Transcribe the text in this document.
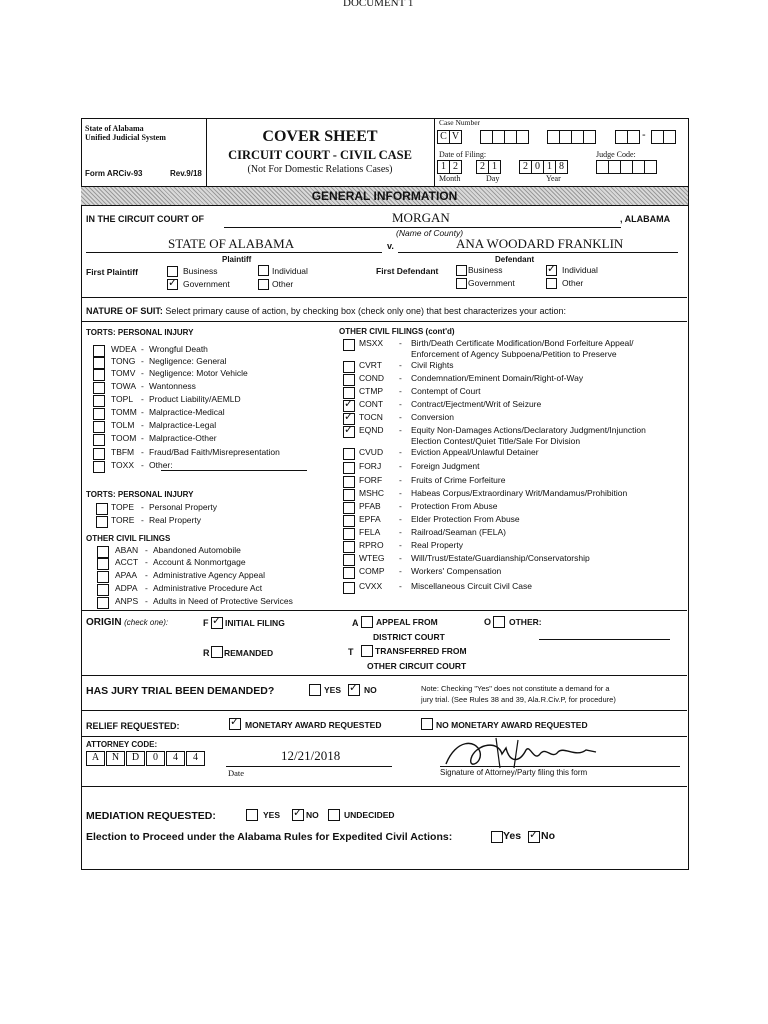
DOCUMENT 1
State of Alabama
Unified Judicial System
Form ARCiv-93	Rev.9/18
COVER SHEET
CIRCUIT COURT - CIVIL CASE
(Not For Domestic Relations Cases)
Case Number
C V	-
Date of Filing:	Judge Code:
1 2	2 1	2 0 1 8
Month	Day	Year
GENERAL INFORMATION
IN THE CIRCUIT COURT OF	MORGAN	, ALABAMA
(Name of County)
STATE OF ALABAMA	v.	ANA WOODARD FRANKLIN
Plaintiff	Defendant
First Plaintiff	Business	Individual
✓
Government	Other
First Defendant	Business ✓	Individual
Government	Other
NATURE OF SUIT: Select primary cause of action, by checking box (check only one) that best characterizes your action:
TORTS: PERSONAL INJURY
TORTS: PERSONAL INJURY
OTHER CIVIL FILINGS
OTHER CIVIL FILINGS (cont'd)
ORIGIN (check one):	F ✓ INITIAL FILING	A APPEAL FROM
DISTRICT COURT
O OTHER:
R REMANDED	T	TRANSFERRED FROM
OTHER CIRCUIT COURT
HAS JURY TRIAL BEEN DEMANDED?	YES ✓	NO	Note: Checking "Yes" does not constitute a demand for a
jury trial. (See Rules 38 and 39, Ala.R.Civ.P, for procedure)
RELIEF REQUESTED: ✓	MONETARY AWARD REQUESTED	NO MONETARY AWARD REQUESTED
ATTORNEY CODE:
12/21/2018
Date	Signature of Attorney/Party filing this form
MEDIATION REQUESTED:	YES ✓	NO	UNDECIDED
Election to Proceed under the Alabama Rules for Expedited Civil Actions:	Yes ✓ No
WDEA - Wrongful Death
TONG - Negligence: General
TOMV - Negligence: Motor Vehicle
TOWA - Wantonness
TOPL - Product Liability/AEMLD
TOMM - Malpractice-Medical
TOLM - Malpractice-Legal
TOOM - Malpractice-Other
TBFM - Fraud/Bad Faith/Misrepresentation
TOXX - Other:
TOPE - Personal Property
TORE - Real Property
ABAN - Abandoned Automobile
ACCT - Account & Nonmortgage
APAA - Administrative Agency Appeal
ADPA - Administrative Procedure Act
ANPS - Adults in Need of Protective Services
MSXX - Birth/Death Certificate Modification/Bond Forfeiture Appeal/
Enforcement of Agency Subpoena/Petition to Preserve
CVRT - Civil Rights
COND - Condemnation/Eminent Domain/Right-of-Way
CTMP - Contempt of Court
✓
CONT - Contract/Ejectment/Writ of Seizure
✓
TOCN - Conversion
✓
EQND - Equity Non-Damages Actions/Declaratory Judgment/Injunction
Election Contest/Quiet Title/Sale For Division
CVUD - Eviction Appeal/Unlawful Detainer
FORJ - Foreign Judgment
FORF - Fruits of Crime Forfeiture
MSHC - Habeas Corpus/Extraordinary Writ/Mandamus/Prohibition
PFAB - Protection From Abuse
EPFA - Elder Protection From Abuse
FELA - Railroad/Seaman (FELA)
RPRO - Real Property
WTEG - Will/Trust/Estate/Guardianship/Conservatorship
COMP - Workers' Compensation
CVXX - Miscellaneous Circuit Civil Case
A	N	D	0	4	4
